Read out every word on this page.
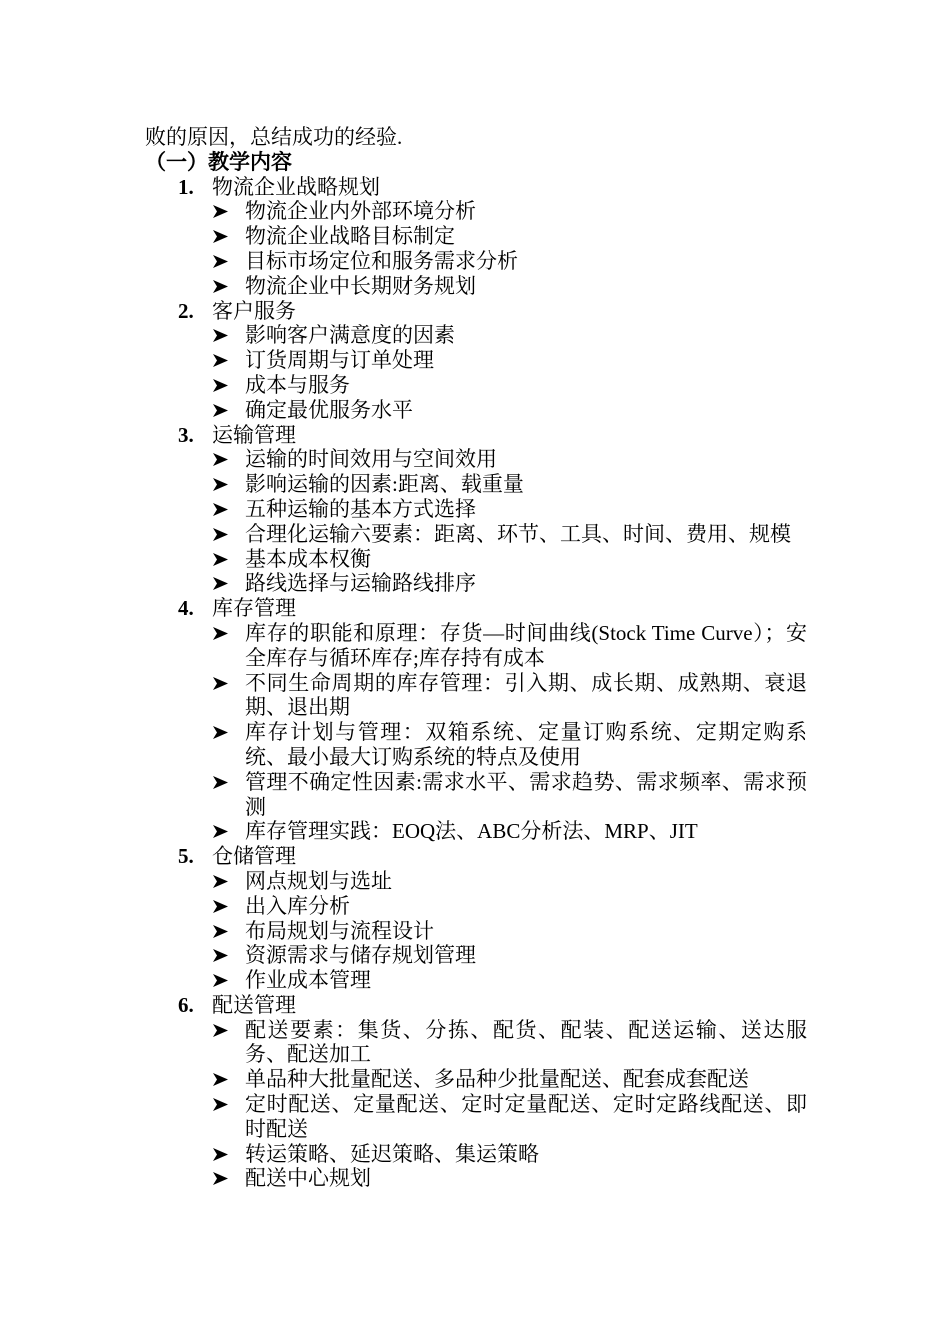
败的原因，总结成功的经验.
（一）教学内容
1. 物流企业战略规划
物流企业内外部环境分析
物流企业战略目标制定
目标市场定位和服务需求分析
物流企业中长期财务规划
2. 客户服务
影响客户满意度的因素
订货周期与订单处理
成本与服务
确定最优服务水平
3. 运输管理
运输的时间效用与空间效用
影响运输的因素:距离、载重量
五种运输的基本方式选择
合理化运输六要素：距离、环节、工具、时间、费用、规模
基本成本权衡
路线选择与运输路线排序
4. 库存管理
库存的职能和原理：存货—时间曲线(Stock Time Curve）；安全库存与循环库存;库存持有成本
不同生命周期的库存管理：引入期、成长期、成熟期、衰退期、退出期
库存计划与管理：双箱系统、定量订购系统、定期定购系统、最小最大订购系统的特点及使用
管理不确定性因素:需求水平、需求趋势、需求频率、需求预测
库存管理实践：EOQ法、ABC分析法、MRP、JIT
5. 仓储管理
网点规划与选址
出入库分析
布局规划与流程设计
资源需求与储存规划管理
作业成本管理
6. 配送管理
配送要素：集货、分拣、配货、配装、配送运输、送达服务、配送加工
单品种大批量配送、多品种少批量配送、配套成套配送
定时配送、定量配送、定时定量配送、定时定路线配送、即时配送
转运策略、延迟策略、集运策略
配送中心规划
